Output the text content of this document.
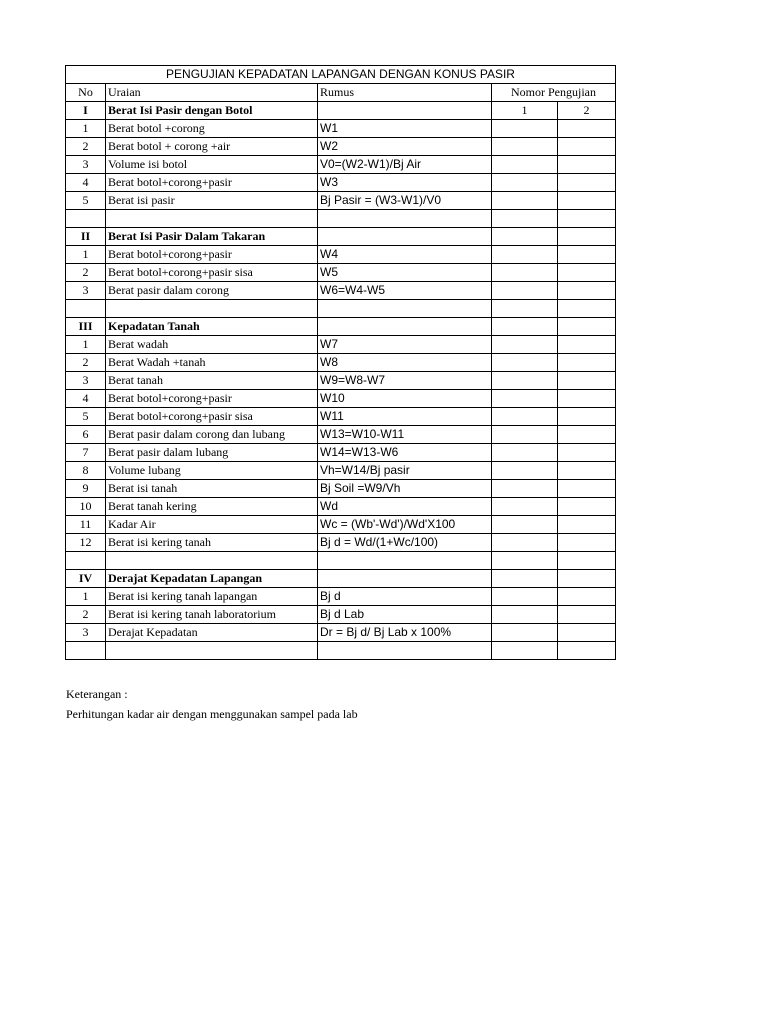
PENGUJIAN KEPADATAN LAPANGAN DENGAN KONUS PASIR				
No	Uraian	Rumus	Nomor Pengujian	
I	Berat Isi Pasir dengan Botol		1	2
1	Berat botol +corong	W1		
2	Berat botol + corong +air	W2		
3	Volume isi botol	V0=(W2-W1)/Bj Air		
4	Berat botol+corong+pasir	W3		
5	Berat isi pasir	Bj Pasir = (W3-W1)/V0		

II	Berat Isi Pasir Dalam Takaran			
1	Berat botol+corong+pasir	W4		
2	Berat botol+corong+pasir sisa	W5		
3	Berat pasir dalam corong	W6=W4-W5		

III	Kepadatan Tanah			
1	Berat wadah	W7		
2	Berat Wadah +tanah	W8		
3	Berat tanah	W9=W8-W7		
4	Berat botol+corong+pasir	W10		
5	Berat botol+corong+pasir sisa	W11		
6	Berat pasir dalam corong dan lubang	W13=W10-W11		
7	Berat pasir dalam lubang	W14=W13-W6		
8	Volume lubang	Vh=W14/Bj pasir		
9	Berat isi tanah	Bj Soil =W9/Vh		
10	Berat tanah kering	Wd		
11	Kadar Air	Wc = (Wb'-Wd')/Wd'X100		
12	Berat isi kering tanah	Bj d = Wd/(1+Wc/100)		

IV	Derajat Kepadatan Lapangan			
1	Berat isi kering tanah lapangan	Bj d		
2	Berat isi kering tanah laboratorium	Bj d Lab		
3	Derajat Kepadatan	Dr = Bj d/ Bj Lab x 100%		

Keterangan :
Perhitungan kadar air dengan menggunakan sampel pada lab
